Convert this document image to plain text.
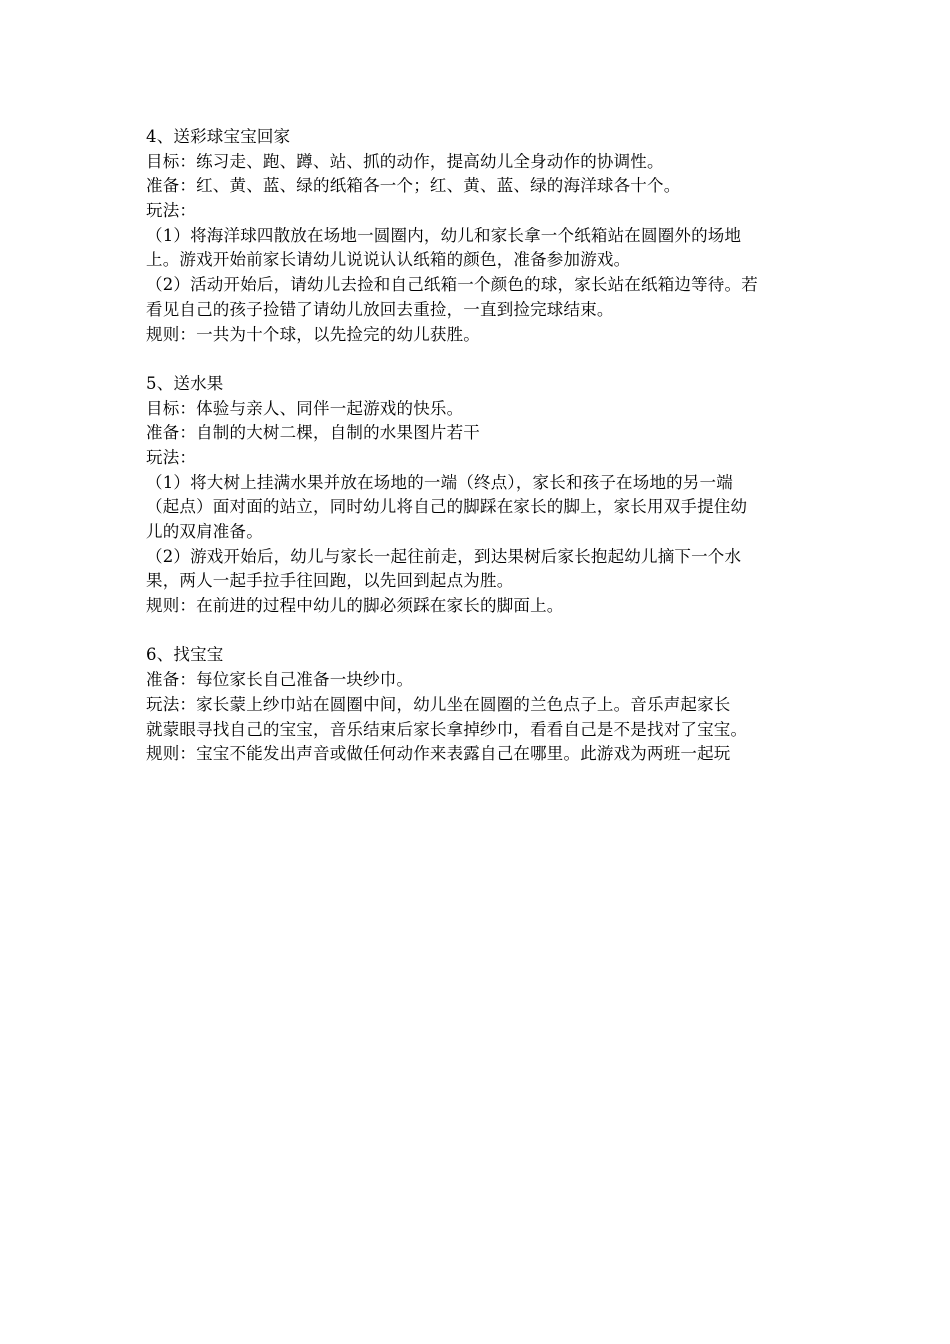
4、送彩球宝宝回家
目标：练习走、跑、蹲、站、抓的动作，提高幼儿全身动作的协调性。
准备：红、黄、蓝、绿的纸箱各一个；红、黄、蓝、绿的海洋球各十个。
玩法：
（1）将海洋球四散放在场地一圆圈内，幼儿和家长拿一个纸箱站在圆圈外的场地
上。游戏开始前家长请幼儿说说认认纸箱的颜色，准备参加游戏。
（2）活动开始后，请幼儿去捡和自己纸箱一个颜色的球，家长站在纸箱边等待。若
看见自己的孩子捡错了请幼儿放回去重捡，一直到捡完球结束。
规则：一共为十个球，以先捡完的幼儿获胜。
5、送水果
目标：体验与亲人、同伴一起游戏的快乐。
准备：自制的大树二棵，自制的水果图片若干
玩法：
（1）将大树上挂满水果并放在场地的一端（终点），家长和孩子在场地的另一端
（起点）面对面的站立，同时幼儿将自己的脚踩在家长的脚上，家长用双手提住幼
儿的双肩准备。
（2）游戏开始后，幼儿与家长一起往前走，到达果树后家长抱起幼儿摘下一个水
果，两人一起手拉手往回跑，以先回到起点为胜。
规则：在前进的过程中幼儿的脚必须踩在家长的脚面上。
6、找宝宝
准备：每位家长自己准备一块纱巾。
玩法：家长蒙上纱巾站在圆圈中间，幼儿坐在圆圈的兰色点子上。音乐声起家长
就蒙眼寻找自己的宝宝，音乐结束后家长拿掉纱巾，看看自己是不是找对了宝宝。
规则：宝宝不能发出声音或做任何动作来表露自己在哪里。此游戏为两班一起玩
